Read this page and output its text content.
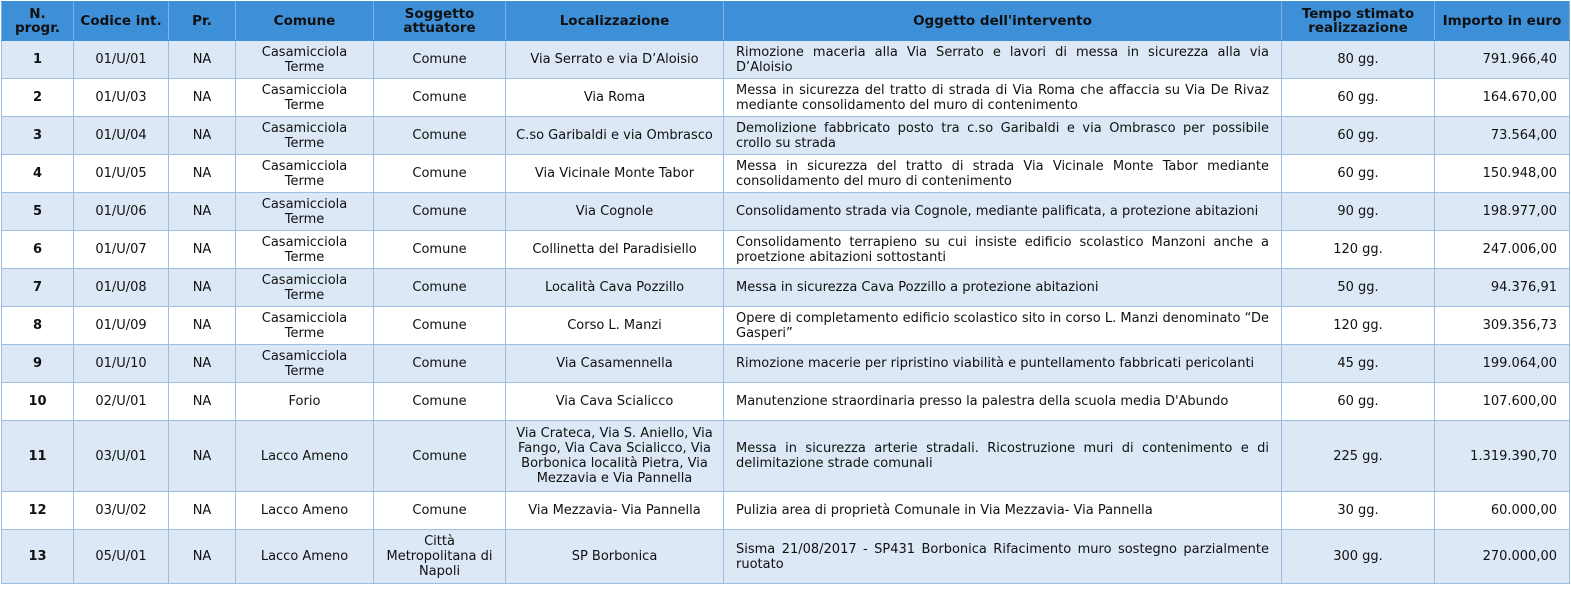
N. progr.	Codice int.	Pr.	Comune	Soggetto attuatore	Localizzazione	Oggetto dell'intervento	Tempo stimato realizzazione	Importo in euro
1	01/U/01	NA	Casamicciola Terme	Comune	Via Serrato e via D’Aloisio	Rimozione maceria alla Via Serrato e lavori di messa in sicurezza alla via D’Aloisio	80 gg.	791.966,40
2	01/U/03	NA	Casamicciola Terme	Comune	Via Roma	Messa in sicurezza del tratto di strada di Via Roma che affaccia su Via De Rivaz mediante consolidamento del muro di contenimento	60 gg.	164.670,00
3	01/U/04	NA	Casamicciola Terme	Comune	C.so Garibaldi e via Ombrasco	Demolizione fabbricato posto tra c.so Garibaldi e via Ombrasco per possibile crollo su strada	60 gg.	73.564,00
4	01/U/05	NA	Casamicciola Terme	Comune	Via Vicinale Monte Tabor	Messa in sicurezza del tratto di strada Via Vicinale Monte Tabor mediante consolidamento del muro di contenimento	60 gg.	150.948,00
5	01/U/06	NA	Casamicciola Terme	Comune	Via Cognole	Consolidamento strada via Cognole, mediante palificata, a protezione abitazioni	90 gg.	198.977,00
6	01/U/07	NA	Casamicciola Terme	Comune	Collinetta del Paradisiello	Consolidamento terrapieno su cui insiste edificio scolastico Manzoni anche a proetzione abitazioni sottostanti	120 gg.	247.006,00
7	01/U/08	NA	Casamicciola Terme	Comune	Località Cava Pozzillo	Messa in sicurezza Cava Pozzillo a protezione abitazioni	50 gg.	94.376,91
8	01/U/09	NA	Casamicciola Terme	Comune	Corso L. Manzi	Opere di completamento edificio scolastico sito in corso L. Manzi denominato “De Gasperi”	120 gg.	309.356,73
9	01/U/10	NA	Casamicciola Terme	Comune	Via Casamennella	Rimozione macerie per ripristino viabilità e puntellamento fabbricati pericolanti	45 gg.	199.064,00
10	02/U/01	NA	Forio	Comune	Via Cava Scialicco	Manutenzione straordinaria presso la palestra della scuola media D'Abundo	60 gg.	107.600,00
11	03/U/01	NA	Lacco Ameno	Comune	Via Crateca, Via S. Aniello, Via Fango, Via Cava Scialicco, Via Borbonica località Pietra, Via Mezzavia e Via Pannella	Messa in sicurezza arterie stradali. Ricostruzione muri di contenimento e di delimitazione strade comunali	225 gg.	1.319.390,70
12	03/U/02	NA	Lacco Ameno	Comune	Via Mezzavia- Via Pannella	Pulizia area di proprietà Comunale in Via Mezzavia- Via Pannella	30 gg.	60.000,00
13	05/U/01	NA	Lacco Ameno	Città Metropolitana di Napoli	SP Borbonica	Sisma 21/08/2017 - SP431 Borbonica Rifacimento muro sostegno parzialmente ruotato	300 gg.	270.000,00
